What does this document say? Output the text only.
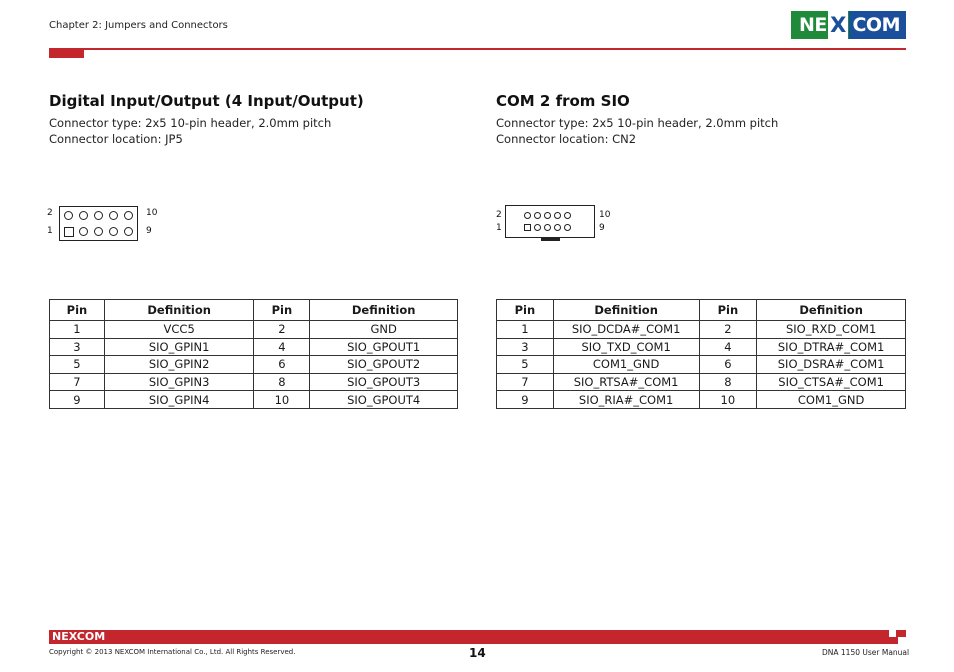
Chapter 2: Jumpers and Connectors	NE X COM
Digital Input/Output (4 Input/Output)
Connector type: 2x5 10-pin header, 2.0mm pitch
Connector location: JP5
2	10
1	9
Pin	Definition	Pin	Definition
1	VCC5	2	GND
3	SIO_GPIN1	4	SIO_GPOUT1
5	SIO_GPIN2	6	SIO_GPOUT2
7	SIO_GPIN3	8	SIO_GPOUT3
9	SIO_GPIN4	10	SIO_GPOUT4
COM 2 from SIO
Connector type: 2x5 10-pin header, 2.0mm pitch
Connector location: CN2
2	10
1	9
Pin	Definition	Pin	Definition
1	SIO_DCDA#_COM1	2	SIO_RXD_COM1
3	SIO_TXD_COM1	4	SIO_DTRA#_COM1
5	COM1_GND	6	SIO_DSRA#_COM1
7	SIO_RTSA#_COM1	8	SIO_CTSA#_COM1
9	SIO_RIA#_COM1	10	COM1_GND
NEXCOM
Copyright © 2013 NEXCOM International Co., Ltd. All Rights Reserved.	14	DNA 1150 User Manual
